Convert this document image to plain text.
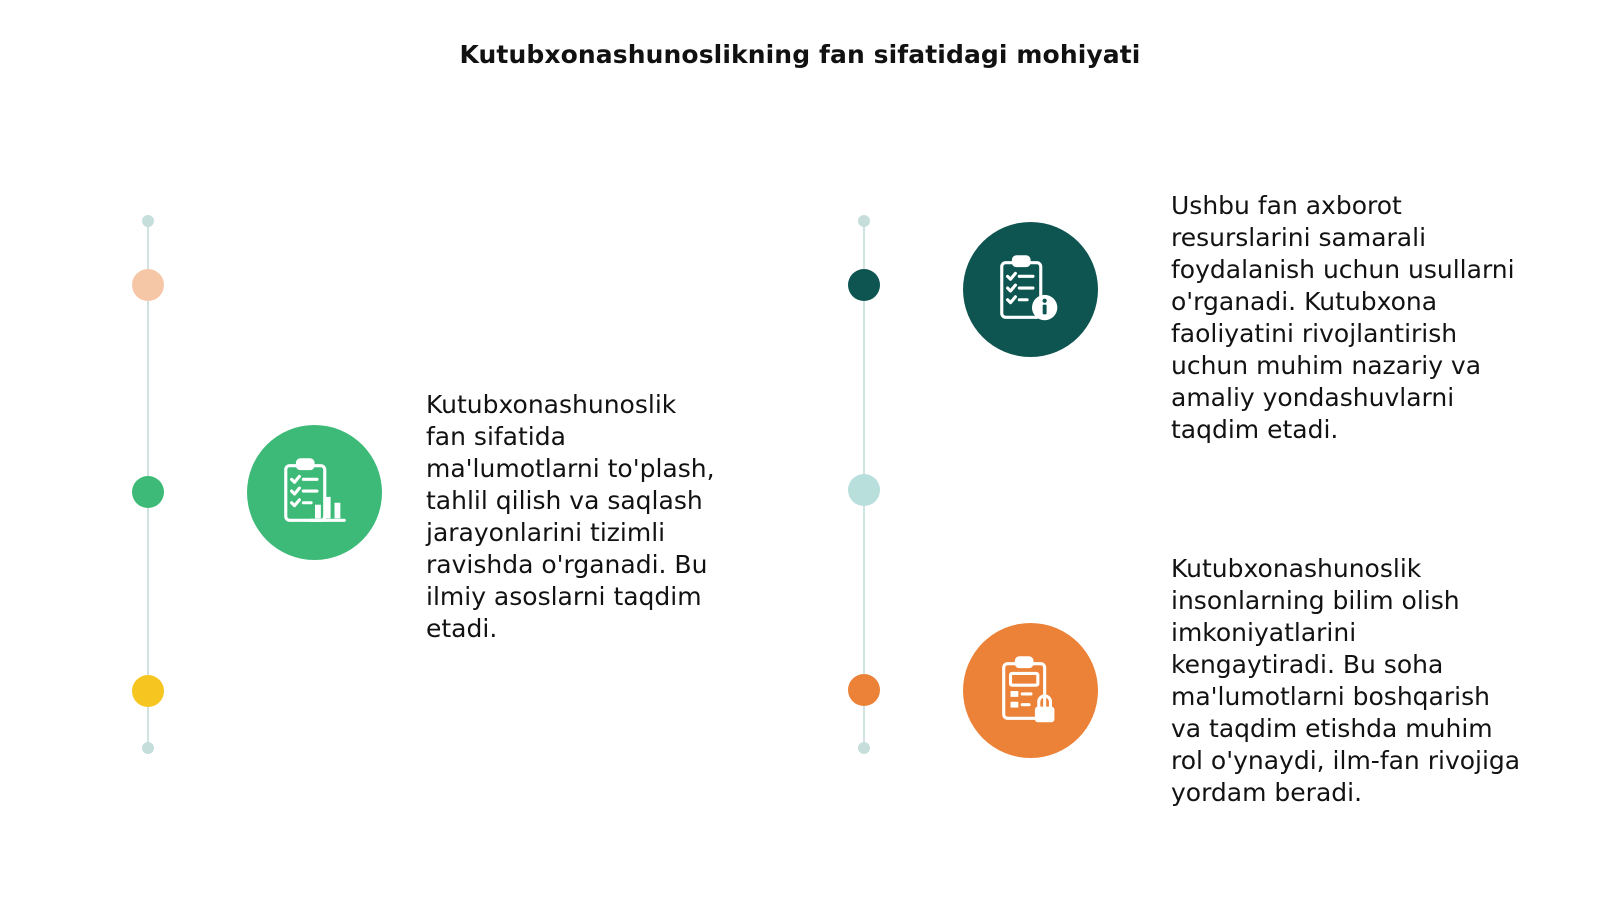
Kutubxonashunoslikning fan sifatidagi mohiyati
Kutubxonashunoslik
fan sifatida
ma'lumotlarni to'plash,
tahlil qilish va saqlash
jarayonlarini tizimli
ravishda o'rganadi. Bu
ilmiy asoslarni taqdim
etadi.
Ushbu fan axborot
resurslarini samarali
foydalanish uchun usullarni
o'rganadi. Kutubxona
faoliyatini rivojlantirish
uchun muhim nazariy va
amaliy yondashuvlarni
taqdim etadi.
Kutubxonashunoslik
insonlarning bilim olish
imkoniyatlarini
kengaytiradi. Bu soha
ma'lumotlarni boshqarish
va taqdim etishda muhim
rol o'ynaydi, ilm-fan rivojiga
yordam beradi.
